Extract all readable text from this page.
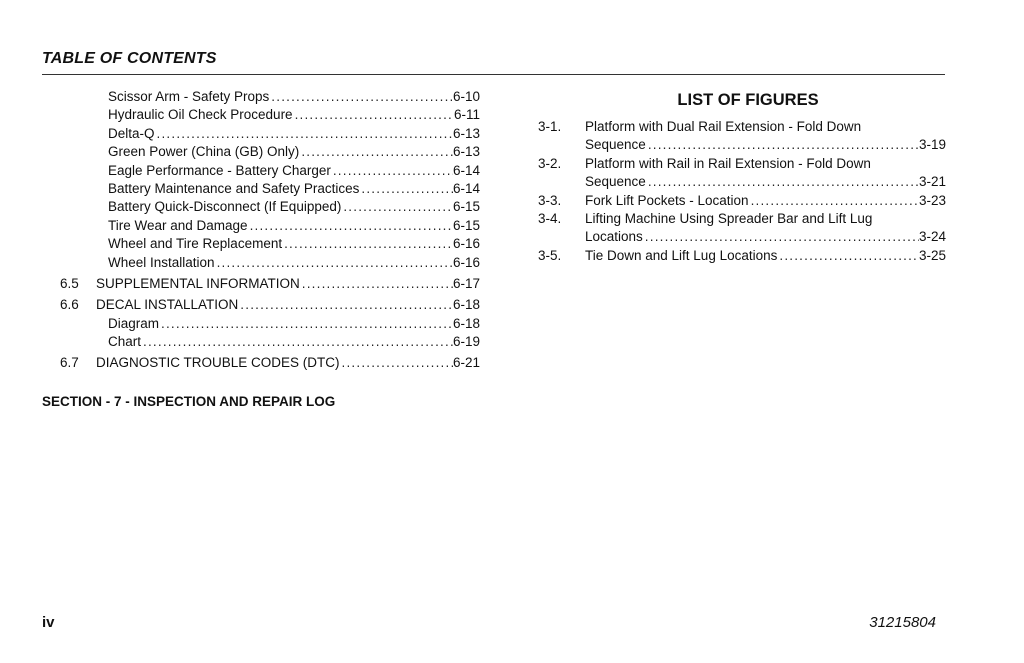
TABLE OF CONTENTS
Scissor Arm - Safety Props .....	6-10
Hydraulic Oil Check Procedure .....	6-11
Delta-Q .....	6-13
Green Power (China (GB) Only) .....	6-13
Eagle Performance - Battery Charger .....	6-14
Battery Maintenance and Safety Practices .....	6-14
Battery Quick-Disconnect (If Equipped) .....	6-15
Tire Wear and Damage .....	6-15
Wheel and Tire Replacement .....	6-16
Wheel Installation .....	6-16
6.5	SUPPLEMENTAL INFORMATION .....	6-17
6.6	DECAL INSTALLATION .....	6-18
Diagram .....	6-18
Chart .....	6-19
6.7	DIAGNOSTIC TROUBLE CODES (DTC) .....	6-21
SECTION - 7 - INSPECTION AND REPAIR LOG
LIST OF FIGURES
3-1.	Platform with Dual Rail Extension - Fold Down
Sequence .....	3-19
3-2.	Platform with Rail in Rail Extension - Fold Down
Sequence .....	3-21
3-3.	Fork Lift Pockets - Location .....	3-23
3-4.	Lifting Machine Using Spreader Bar and Lift Lug
Locations .....	3-24
3-5.	Tie Down and Lift Lug Locations .....	3-25
iv	31215804
